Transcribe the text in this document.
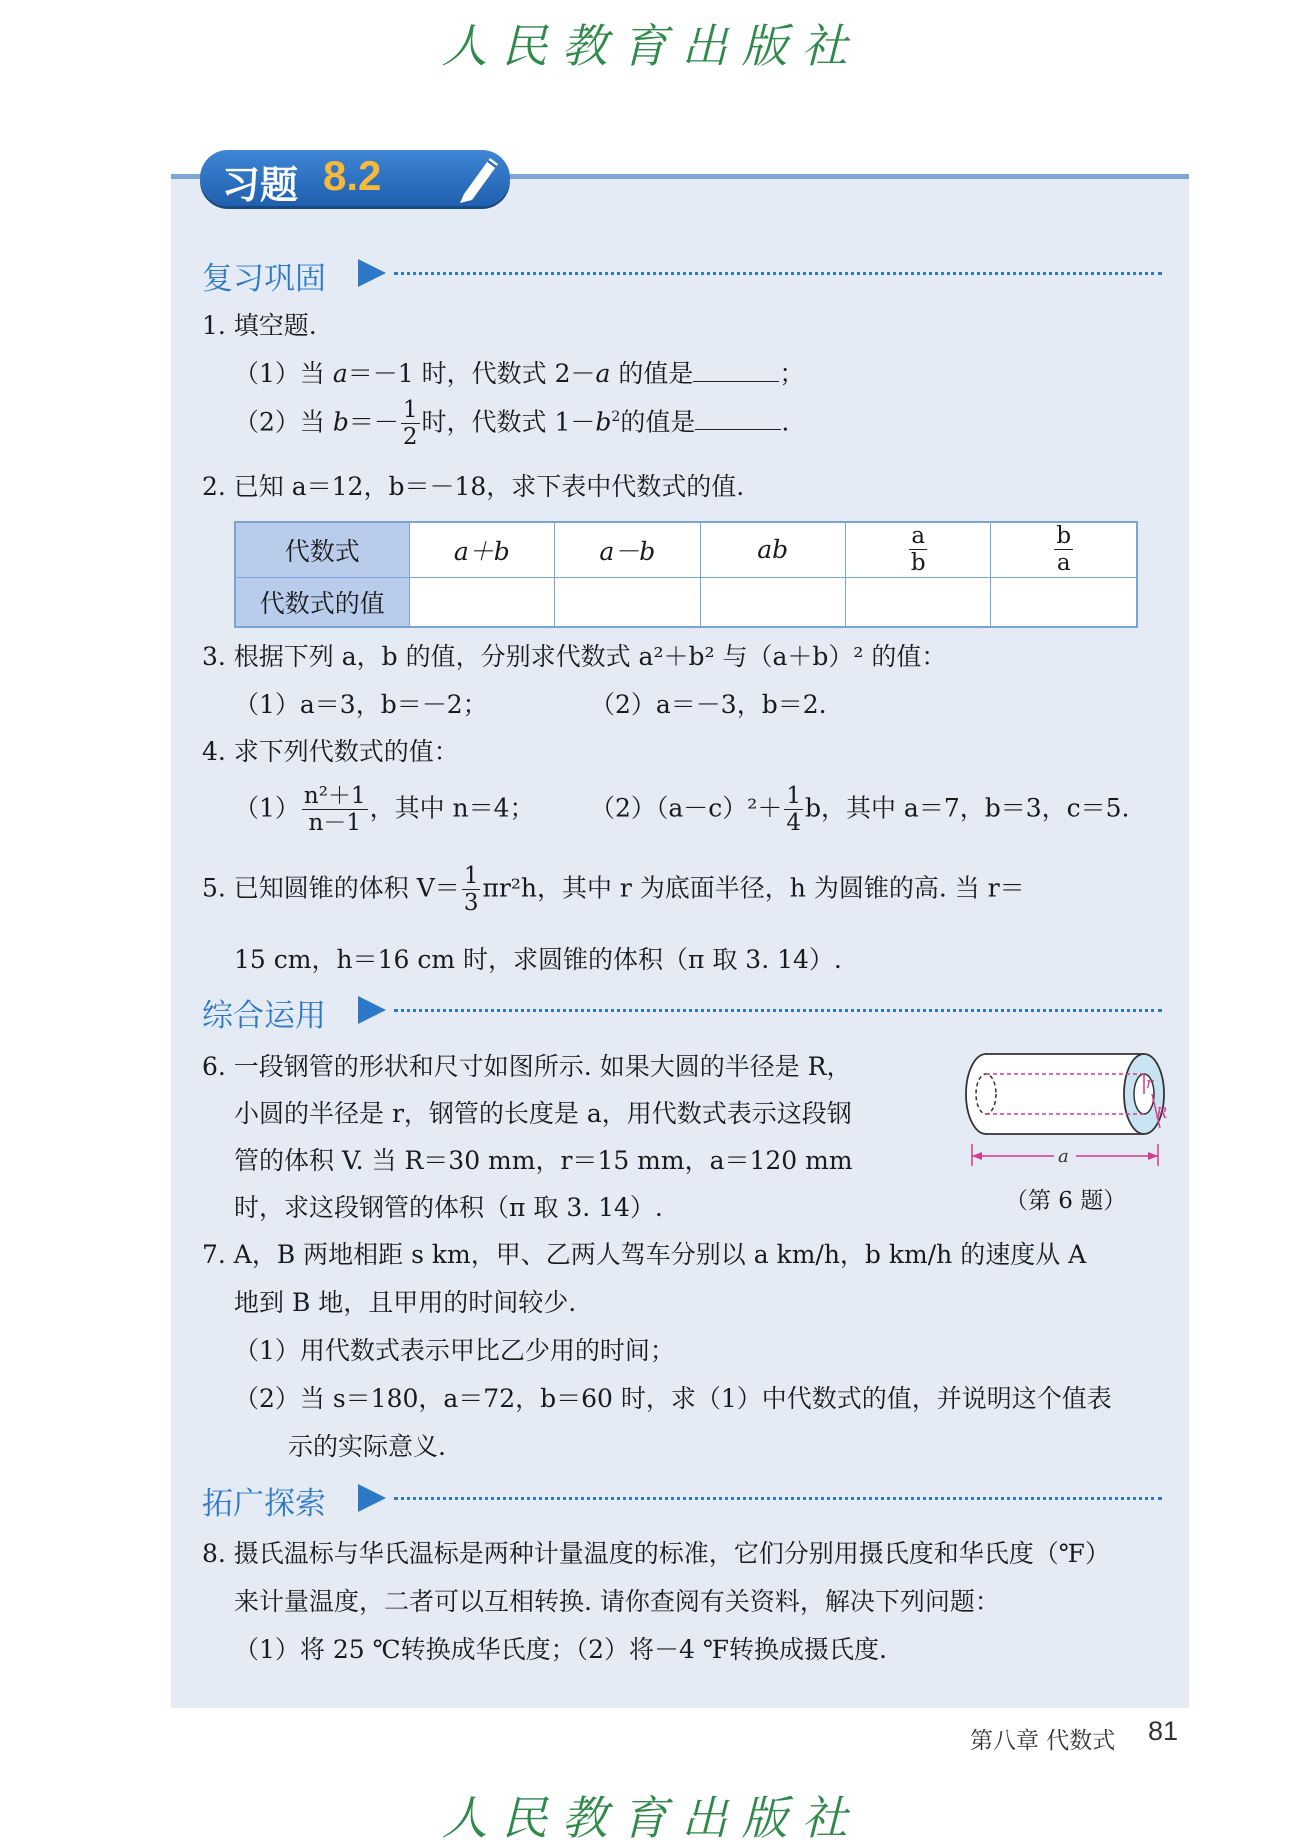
人民教育出版社
习题 8.2
复习巩固
1. 填空题.
（1）当 a＝－1 时，代数式 2－a 的值是	；
（2）当 $b=- \frac{1}{2}$ 时，代数式 $1-b^2$的值是	.
2. 已知 a＝12，b＝－18，求下表中代数式的值.
代数式	a＋b	a－b	ab	$\frac{a}{b}$	$\frac{b}{a}$

代数式的值					
3. 根据下列 a，b 的值，分别求代数式 a²＋b² 与（a＋b）² 的值：
（1）a＝3，b＝－2；	（2）a＝－3，b＝2.
4. 求下列代数式的值：
$(1) \frac{\text{n²＋1}}{n-1}$ ，其中 n＝4； $(2)(a-c)^2+ \frac{1}{4}$ b，其中 a＝7，b＝3，c＝5.
5. 已知圆锥的体积 $V= \frac{1}{3} \pi r^2h$，其中 r 为底面半径，h 为圆锥的高. 当 r＝
15 cm，h＝16 cm 时，求圆锥的体积（π 取 3. 14）.
综合运用
6. 一段钢管的形状和尺寸如图所示. 如果大圆的半径是 R，
小圆的半径是 r，钢管的长度是 a，用代数式表示这段钢
管的体积 V. 当 R＝30 mm，r＝15 mm，a＝120 mm
时，求这段钢管的体积（π 取 3. 14）.
r
R
a
（第 6 题）
7. A，B 两地相距 s km，甲、乙两人驾车分别以 a km/h，b km/h 的速度从 A
地到 B 地，且甲用的时间较少.
（1）用代数式表示甲比乙少用的时间；
（2）当 s＝180，a＝72，b＝60 时，求（1）中代数式的值，并说明这个值表
示的实际意义.
拓广探索
8. 摄氏温标与华氏温标是两种计量温度的标准，它们分别用摄氏度和华氏度（℉）
来计量温度，二者可以互相转换. 请你查阅有关资料，解决下列问题：
（1）将 25 ℃转换成华氏度；（2）将－4 ℉转换成摄氏度.
第八章 代数式 81
人民教育出版社
